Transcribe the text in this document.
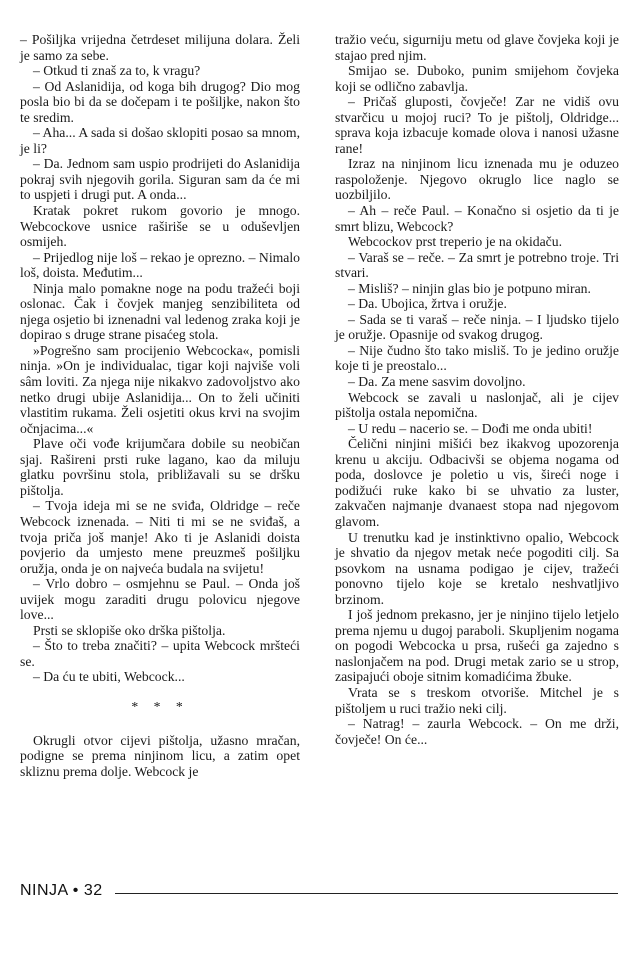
– Pošiljka vrijedna četrdeset milijuna dolara. Želi je samo za sebe.

– Otkud ti znaš za to, k vragu?

– Od Aslanidija, od koga bih drugog? Dio mog posla bio bi da se dočepam i te pošiljke, nakon što te sredim.

– Aha... A sada si došao sklopiti posao sa mnom, je li?

– Da. Jednom sam uspio prodrijeti do Aslanidija pokraj svih njegovih gorila. Siguran sam da će mi to uspjeti i drugi put. A onda...

Kratak pokret rukom govorio je mnogo. Webcockove usnice raširiše se u oduševljen osmijeh.

– Prijedlog nije loš – rekao je oprezno. – Nimalo loš, doista. Međutim...

Ninja malo pomakne noge na podu tražeći boji oslonac. Čak i čovjek manjeg senzibiliteta od njega osjetio bi iznenadni val ledenog zraka koji je dopirao s druge strane pisaćeg stola.

»Pogrešno sam procijenio Webcocka«, pomisli ninja. »On je individualac, tigar koji najviše voli sâm loviti. Za njega nije nikakvo zadovoljstvo ako netko drugi ubije Aslanidija... On to želi učiniti vlastitim rukama. Želi osjetiti okus krvi na svojim očnjacima...«

Plave oči vođe krijumčara dobile su neobičan sjaj. Rašireni prsti ruke lagano, kao da miluju glatku površinu stola, približavali su se dršku pištolja.

– Tvoja ideja mi se ne sviđa, Oldridge – reče Webcock iznenada. – Niti ti mi se ne sviđaš, a tvoja priča još manje! Ako ti je Aslanidi doista povjerio da umjesto mene preuzmeš pošiljku oružja, onda je on najveća budala na svijetu!

– Vrlo dobro – osmjehnu se Paul. – Onda još uvijek mogu zaraditi drugu polovicu njegove love...

Prsti se sklopiše oko drška pištolja.

– Što to treba značiti? – upita Webcock mršteći se.

– Da ću te ubiti, Webcock...

* * *

Okrugli otvor cijevi pištolja, užasno mračan, podigne se prema ninjinom licu, a zatim opet skliznu prema dolje. Webcock je

tražio veću, sigurniju metu od glave čovjeka koji je stajao pred njim.

Smijao se. Duboko, punim smijehom čovjeka koji se odlično zabavlja.

– Pričaš gluposti, čovječe! Zar ne vidiš ovu stvarčicu u mojoj ruci? To je pištolj, Oldridge... sprava koja izbacuje komade olova i nanosi užasne rane!

Izraz na ninjinom licu iznenada mu je oduzeo raspoloženje. Njegovo okruglo lice naglo se uozbiljilo.

– Ah – reče Paul. – Konačno si osjetio da ti je smrt blizu, Webcock?

Webcockov prst treperio je na okidaču.

– Varaš se – reče. – Za smrt je potrebno troje. Tri stvari.

– Misliš? – ninjin glas bio je potpuno miran.

– Da. Ubojica, žrtva i oružje.

– Sada se ti varaš – reče ninja. – I ljudsko tijelo je oružje. Opasnije od svakog drugog.

– Nije čudno što tako misliš. To je jedino oružje koje ti je preostalo...

– Da. Za mene sasvim dovoljno.

Webcock se zavali u naslonjač, ali je cijev pištolja ostala nepomična.

– U redu – nacerio se. – Dođi me onda ubiti!

Čelični ninjini mišići bez ikakvog upozorenja krenu u akciju. Odbacivši se objema nogama od poda, doslovce je poletio u vis, šireći noge i podižući ruke kako bi se uhvatio za luster, zakvačen najmanje dvanaest stopa nad njegovom glavom.

U trenutku kad je instinktivno opalio, Webcock je shvatio da njegov metak neće pogoditi cilj. Sa psovkom na usnama podigao je cijev, tražeći ponovno tijelo koje se kretalo neshvatljivo brzinom.

I još jednom prekasno, jer je ninjino tijelo letjelo prema njemu u dugoj paraboli. Skupljenim nogama on pogodi Webcocka u prsa, rušeći ga zajedno s naslonjačem na pod. Drugi metak zario se u strop, zasipajući oboje sitnim komadićima žbuke.

Vrata se s treskom otvoriše. Mitchel je s pištoljem u ruci tražio neki cilj.

– Natrag! – zaurla Webcock. – On me drži, čovječe! On će...

NINJA • 32
